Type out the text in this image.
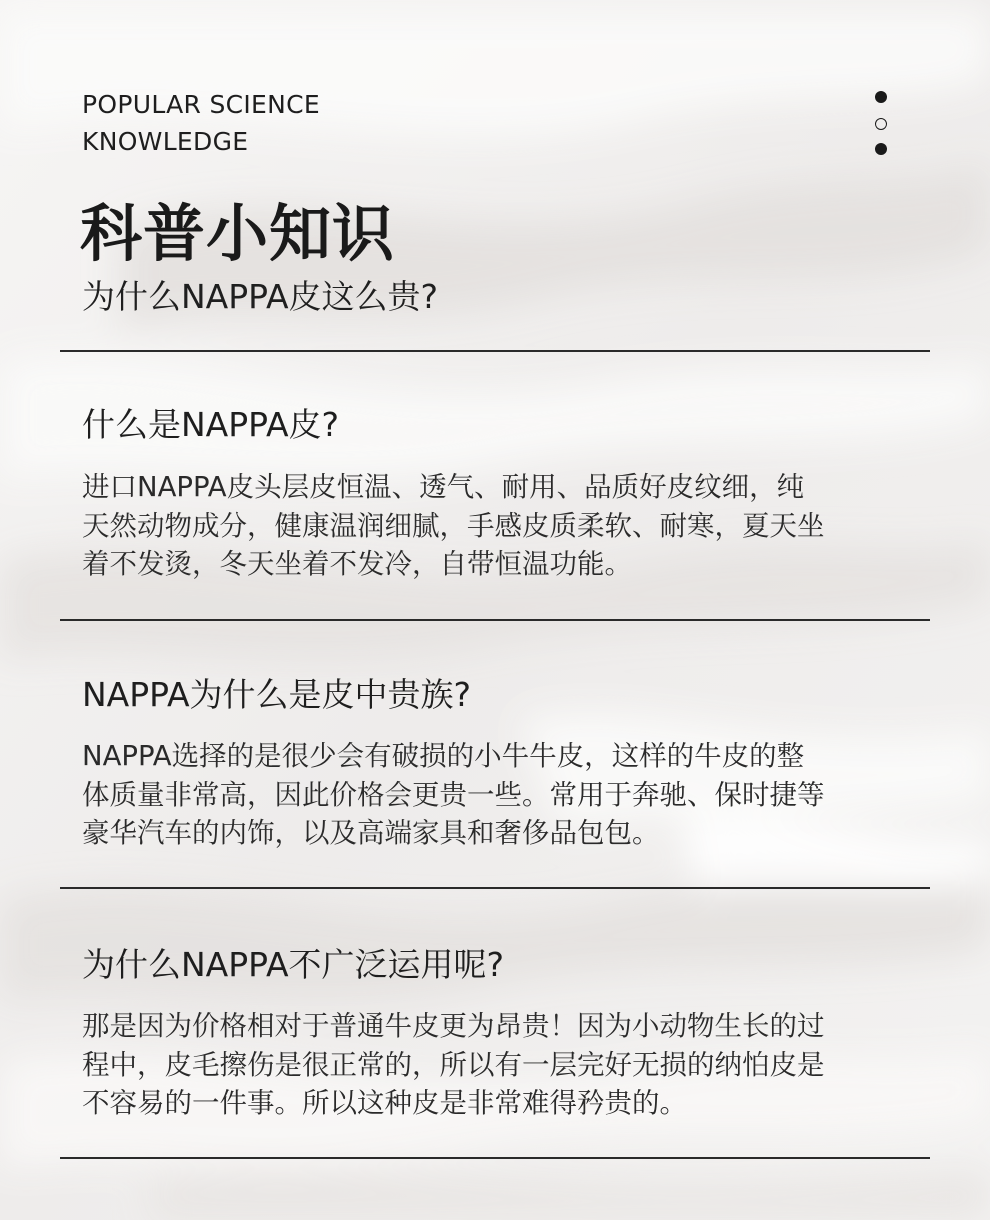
POPULAR SCIENCE
KNOWLEDGE
科普小知识
为什么NAPPA皮这么贵?
什么是NAPPA皮?
进口NAPPA皮头层皮恒温、透气、耐用、品质好皮纹细，纯
天然动物成分，健康温润细腻，手感皮质柔软、耐寒，夏天坐
着不发烫，冬天坐着不发冷，自带恒温功能。
NAPPA为什么是皮中贵族?
NAPPA选择的是很少会有破损的小牛牛皮，这样的牛皮的整
体质量非常高，因此价格会更贵一些。常用于奔驰、保时捷等
豪华汽车的内饰，以及高端家具和奢侈品包包。
为什么NAPPA不广泛运用呢?
那是因为价格相对于普通牛皮更为昂贵！因为小动物生长的过
程中，皮毛擦伤是很正常的，所以有一层完好无损的纳怕皮是
不容易的一件事。所以这种皮是非常难得矜贵的。
